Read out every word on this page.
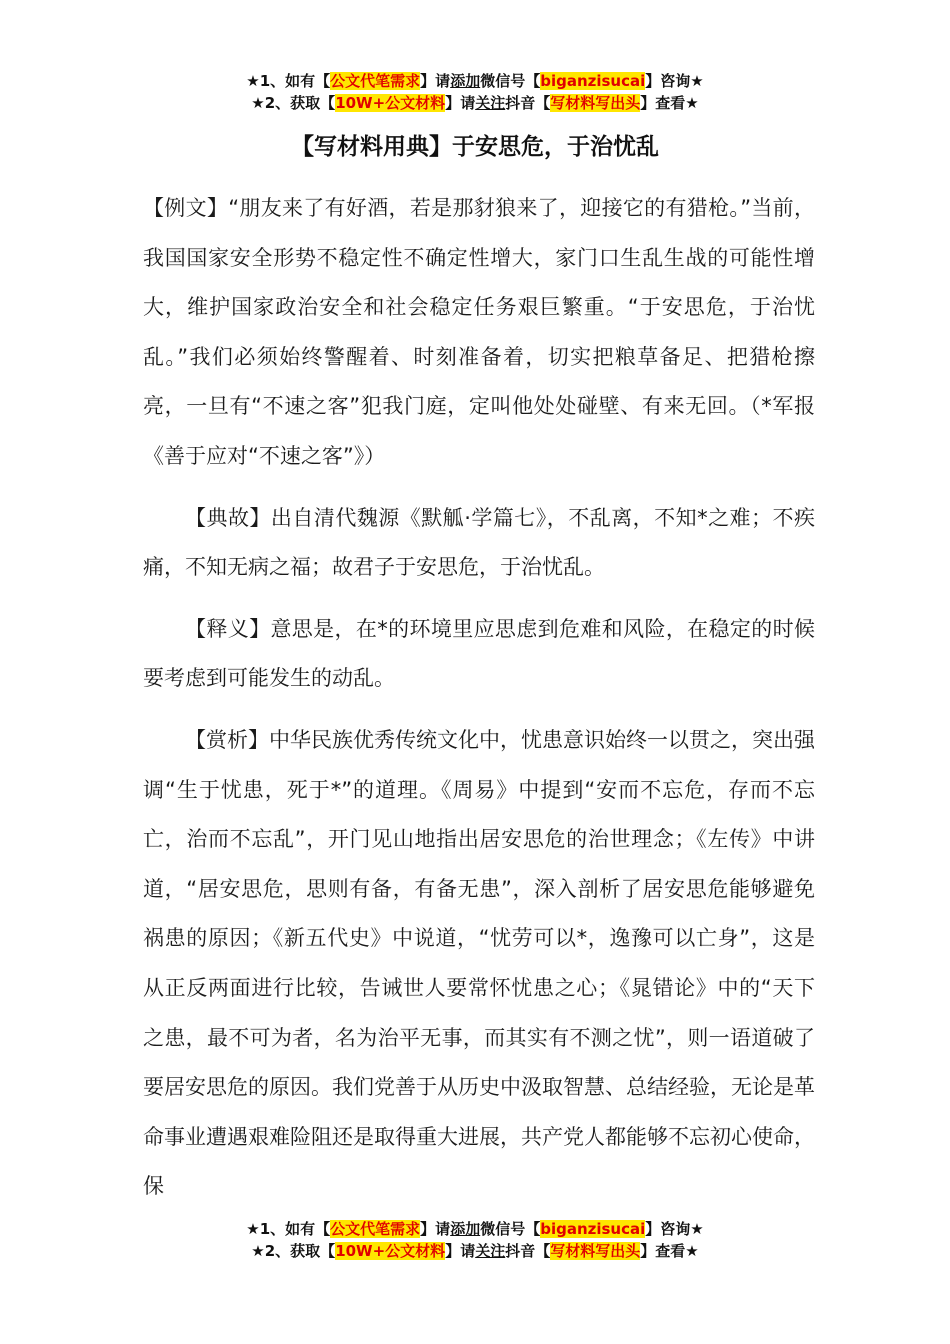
★1、如有【公文代笔需求】请添加微信号【biganzisucai】咨询★
★2、获取【10W+公文材料】请关注抖音【写材料写出头】查看★
【写材料用典】于安思危，于治忧乱

【例文】“朋友来了有好酒，若是那豺狼来了，迎接它的有猎枪。”当前，我国国家安全形势不稳定性不确定性增大，家门口生乱生战的可能性增大，维护国家政治安全和社会稳定任务艰巨繁重。“于安思危，于治忧乱。”我们必须始终警醒着、时刻准备着，切实把粮草备足、把猎枪擦亮，一旦有“不速之客”犯我门庭，定叫他处处碰壁、有来无回。（*军报《善于应对“不速之客”》）

【典故】出自清代魏源《默觚·学篇七》，不乱离，不知*之难；不疾痛，不知无病之福；故君子于安思危，于治忧乱。

【释义】意思是，在*的环境里应思虑到危难和风险，在稳定的时候要考虑到可能发生的动乱。

【赏析】中华民族优秀传统文化中，忧患意识始终一以贯之，突出强调“生于忧患，死于*”的道理。《周易》中提到“安而不忘危，存而不忘亡，治而不忘乱”，开门见山地指出居安思危的治世理念；《左传》中讲道，“居安思危，思则有备，有备无患”，深入剖析了居安思危能够避免祸患的原因；《新五代史》中说道，“忧劳可以*，逸豫可以亡身”，这是从正反两面进行比较，告诫世人要常怀忧患之心；《晁错论》中的“天下之患，最不可为者，名为治平无事，而其实有不测之忧”，则一语道破了要居安思危的原因。我们党善于从历史中汲取智慧、总结经验，无论是革命事业遭遇艰难险阻还是取得重大进展，共产党人都能够不忘初心使命，保

★1、如有【公文代笔需求】请添加微信号【biganzisucai】咨询★
★2、获取【10W+公文材料】请关注抖音【写材料写出头】查看★
